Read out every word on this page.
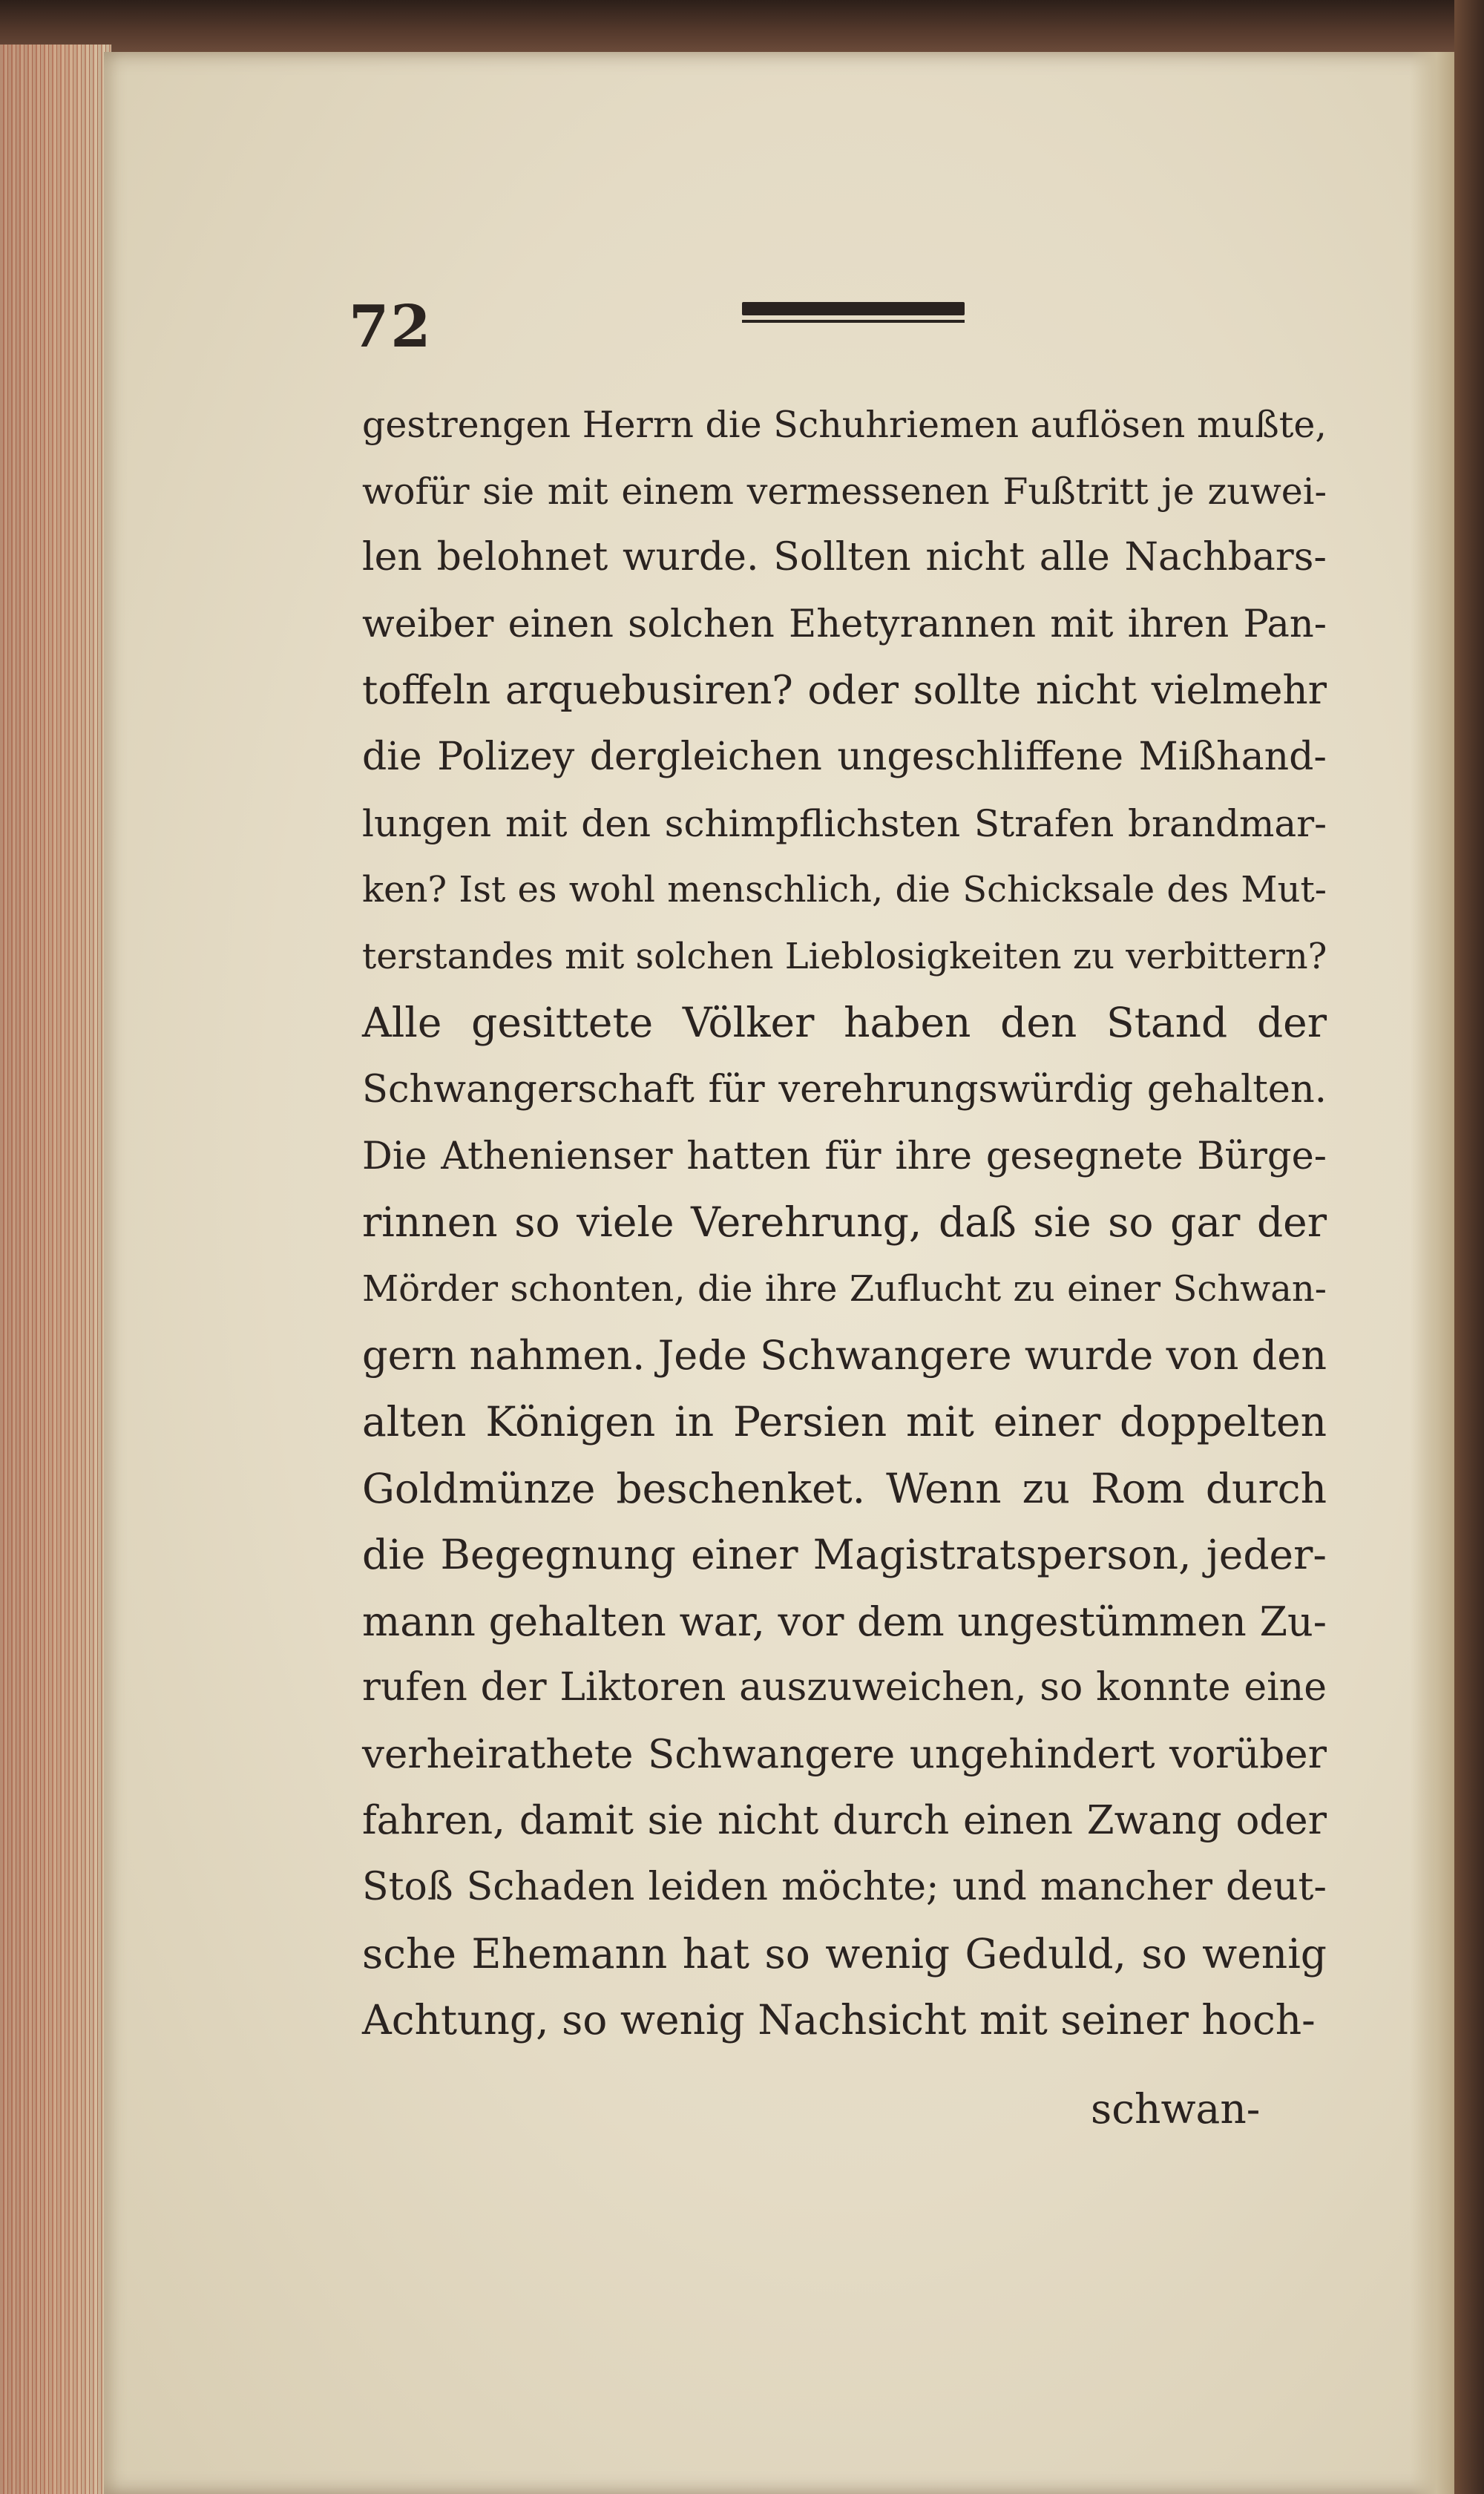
72
gestrengen Herrn die Schuhriemen auflösen mußte,
wofür sie mit einem vermessenen Fußtritt je zuwei-
len belohnet wurde. Sollten nicht alle Nachbars-
weiber einen solchen Ehetyrannen mit ihren Pan-
toffeln arquebusiren? oder sollte nicht vielmehr
die Polizey dergleichen ungeschliffene Mißhand-
lungen mit den schimpflichsten Strafen brandmar-
ken? Ist es wohl menschlich, die Schicksale des Mut-
terstandes mit solchen Lieblosigkeiten zu verbittern?
Alle gesittete Völker haben den Stand der
Schwangerschaft für verehrungswürdig gehalten.
Die Athenienser hatten für ihre gesegnete Bürge-
rinnen so viele Verehrung, daß sie so gar der
Mörder schonten, die ihre Zuflucht zu einer Schwan-
gern nahmen. Jede Schwangere wurde von den
alten Königen in Persien mit einer doppelten
Goldmünze beschenket. Wenn zu Rom durch
die Begegnung einer Magistratsperson, jeder-
mann gehalten war, vor dem ungestümmen Zu-
rufen der Liktoren auszuweichen, so konnte eine
verheirathete Schwangere ungehindert vorüber
fahren, damit sie nicht durch einen Zwang oder
Stoß Schaden leiden möchte; und mancher deut-
sche Ehemann hat so wenig Geduld, so wenig
Achtung, so wenig Nachsicht mit seiner hoch-
schwan-
